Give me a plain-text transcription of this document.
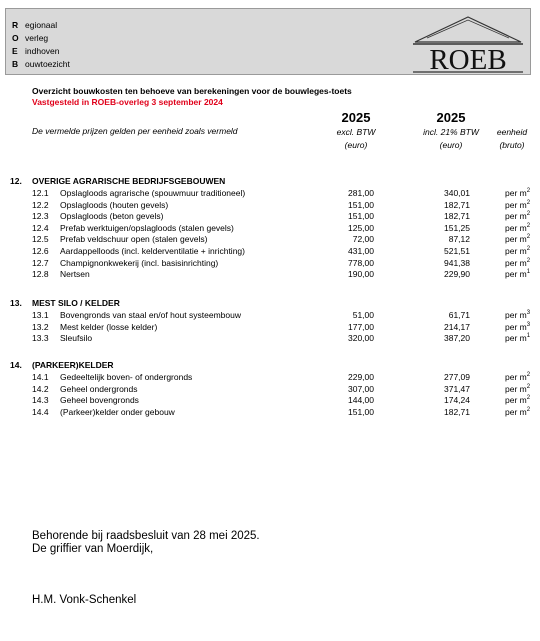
R egionaal
O verleg
E indhoven
B ouwtoezicht	ROEB
Overzicht bouwkosten ten behoeve van berekeningen voor de bouwleges-toets
Vastgesteld in ROEB-overleg 3 september 2024
2025	2025
excl. BTW
(euro)
incl. 21% BTW
(euro)
eenheid
(bruto)
De vermelde prijzen gelden per eenheid zoals vermeld
12. OVERIGE AGRARISCHE BEDRIJFSGEBOUWEN
12.1 Opslagloods agrarische (spouwmuur traditioneel)	281,00	340,01	per $m^2$
12.2 Opslagloods (houten gevels)	151,00	182,71	per $m^2$
12.3 Opslagloods (beton gevels)	151,00	182,71	per $m^2$
12.4 Prefab werktuigen/opslagloods (stalen gevels)	125,00	151,25	per $m^2$
12.5 Prefab veldschuur open (stalen gevels)	72,00	87,12	per $m^2$
12.6 Aardappelloods (incl. kelderventilatie + inrichting)	431,00	521,51	per $m^2$
12.7 Champignonkwekerij (incl. basisinrichting)	778,00	941,38	per $m^2$
12.8 Nertsen	190,00	229,90	per $m^1$
13. MEST SILO / KELDER
13.1 Bovengronds van staal en/of hout systeembouw	51,00	61,71	per $m^3$
13.2 Mest kelder (losse kelder)	177,00	214,17	per $m^3$
13.3 Sleufsilo	320,00	387,20	per $m^1$
14. (PARKEER)KELDER
14.1 Gedeeltelijk boven- of ondergronds	229,00	277,09	per $m^2$
14.2 Geheel ondergronds	307,00	371,47	per $m^2$
14.3 Geheel bovengronds	144,00	174,24	per $m^2$
14.4 (Parkeer)kelder onder gebouw	151,00	182,71	per $m^2$
Behorende bij raadsbesluit van 28 mei 2025.
De griffier van Moerdijk,
H.M. Vonk-Schenkel
